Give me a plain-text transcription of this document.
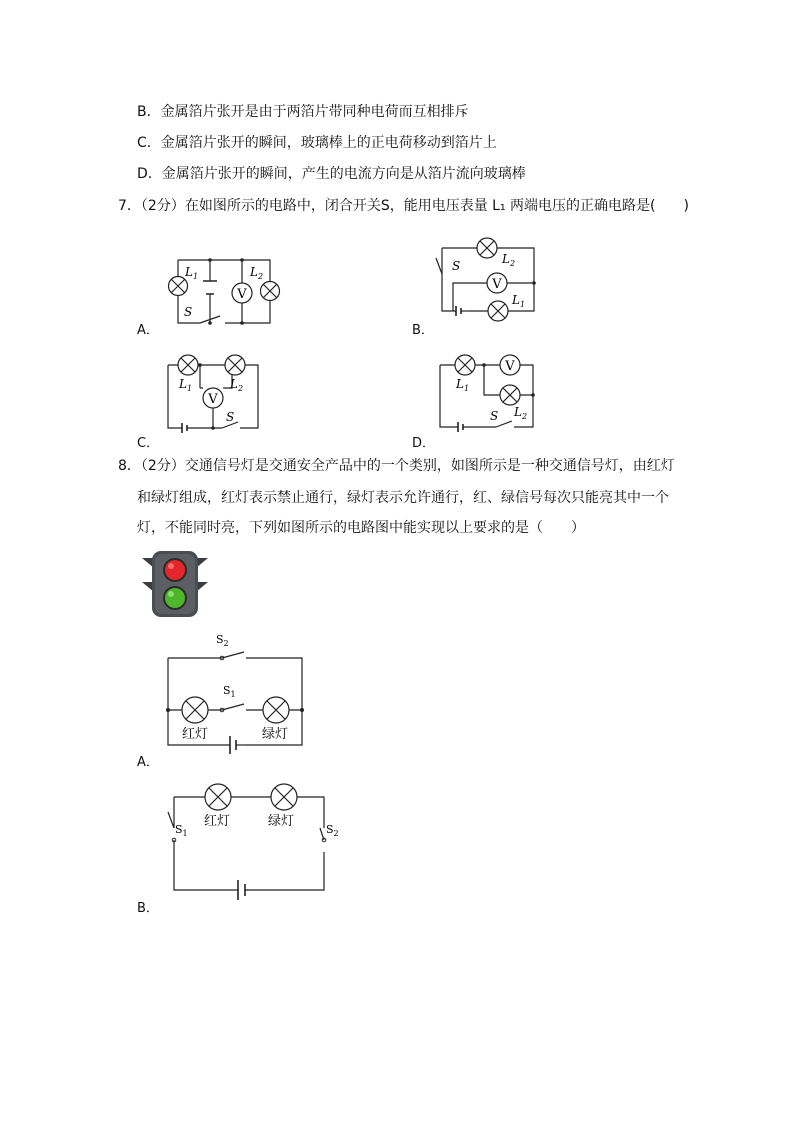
B．金属箔片张开是由于两箔片带同种电荷而互相排斥
C．金属箔片张开的瞬间，玻璃棒上的正电荷移动到箔片上
D．金属箔片张开的瞬间，产生的电流方向是从箔片流向玻璃棒
7．（2分）在如图所示的电路中，闭合开关S，能用电压表量 L₁ 两端电压的正确电路是(　　)
V
$L_1$	$L_2$
S
A．
V
$L_2$
$L_1$
S
B．
V
$L_1$	$L_2$
S
C．
V
$L_1$
$L_2$
S
D．
8．（2分）交通信号灯是交通安全产品中的一个类别，如图所示是一种交通信号灯，由红灯
和绿灯组成，红灯表示禁止通行，绿灯表示允许通行，红、绿信号每次只能亮其中一个
灯，不能同时亮，下列如图所示的电路图中能实现以上要求的是（　　）
$S_2$
$S_1$
红灯	绿灯
A．
$S_1$	$S_2$
红灯	绿灯
B．
